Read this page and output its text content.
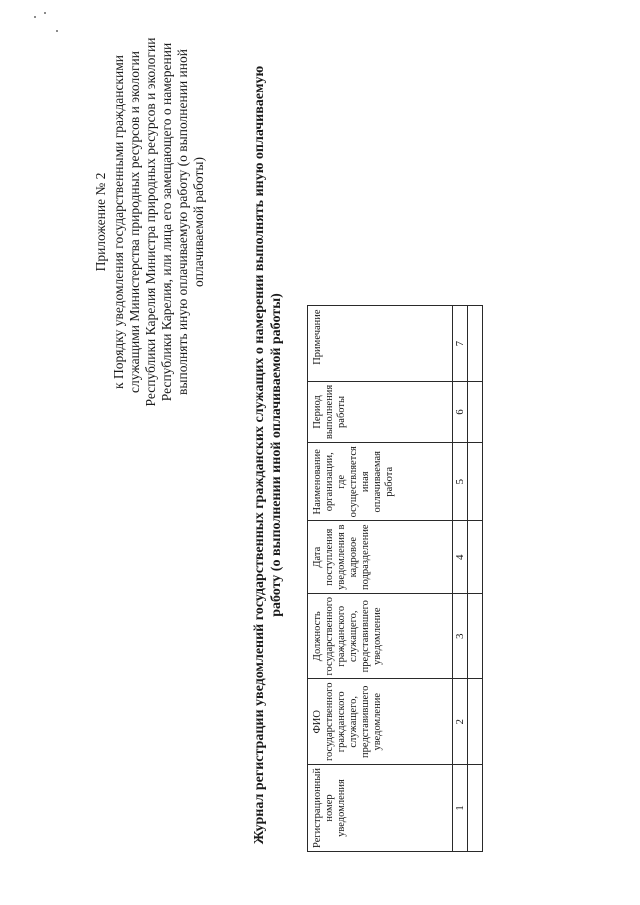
Приложение № 2 к Порядку уведомления государственными гражданскими служащими Министерства природных ресурсов и экологии Республики Карелия Министра природных ресурсов и экологии Республики Карелия, или лица его замещающего о намерении выполнять иную оплачиваемую работу (о выполнении иной оплачиваемой работы)	Журнал регистрации уведомлений государственных гражданских служащих о намерении выполнять иную оплачиваемую работу (о выполнении иной оплачиваемой работы)
Регистрационный номер уведомления	ФИО государственного гражданского служащего, представившего уведомление	Должность государственного гражданского служащего, представившего уведомление	Дата поступления уведомления в кадровое подразделение	Наименование организации, где осуществляется иная оплачиваемая работа	Период выполнения работы	Примечание
1	2	3	4	5	6	7
